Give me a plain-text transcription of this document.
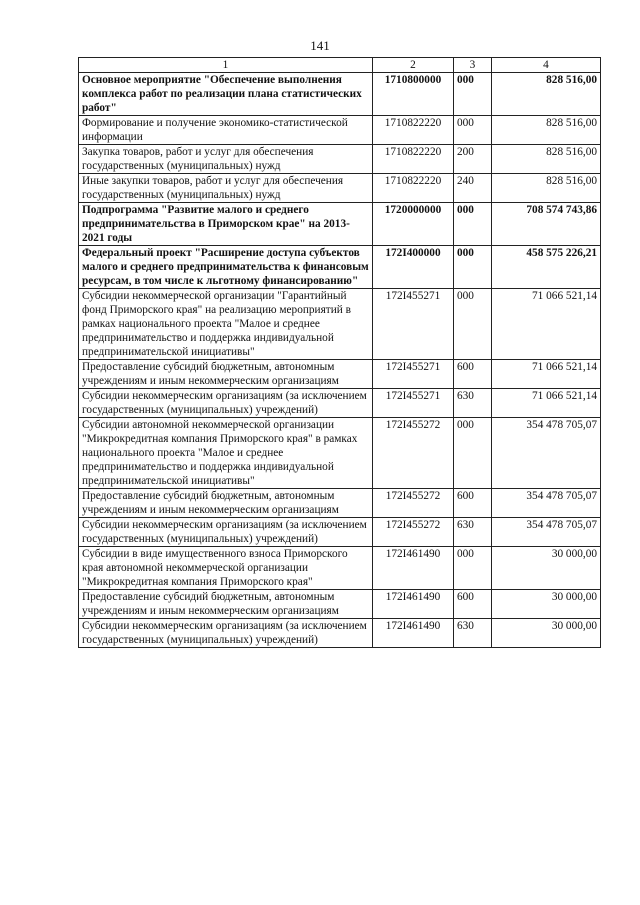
141
1	2	3	4
Основное мероприятие "Обеспечение выполнения комплекса работ по реализации плана статистических работ"	1710800000	000	828 516,00
Формирование и получение экономико-статистической информации	1710822220	000	828 516,00
Закупка товаров, работ и услуг для обеспечения государственных (муниципальных) нужд	1710822220	200	828 516,00
Иные закупки товаров, работ и услуг для обеспечения государственных (муниципальных) нужд	1710822220	240	828 516,00
Подпрограмма "Развитие малого и среднего предпринимательства в Приморском крае" на 2013-2021 годы	1720000000	000	708 574 743,86
Федеральный проект "Расширение доступа субъектов малого и среднего предпринимательства к финансовым ресурсам, в том числе к льготному финансированию"	172I400000	000	458 575 226,21
Субсидии некоммерческой организации "Гарантийный фонд Приморского края" на реализацию мероприятий в рамках национального проекта "Малое и среднее предпринимательство и поддержка индивидуальной предпринимательской инициативы"	172I455271	000	71 066 521,14
Предоставление субсидий бюджетным, автономным учреждениям и иным некоммерческим организациям	172I455271	600	71 066 521,14
Субсидии некоммерческим организациям (за исключением государственных (муниципальных) учреждений)	172I455271	630	71 066 521,14
Субсидии автономной некоммерческой организации "Микрокредитная компания Приморского края" в рамках национального проекта "Малое и среднее предпринимательство и поддержка индивидуальной предпринимательской инициативы"	172I455272	000	354 478 705,07
Предоставление субсидий бюджетным, автономным учреждениям и иным некоммерческим организациям	172I455272	600	354 478 705,07
Субсидии некоммерческим организациям (за исключением государственных (муниципальных) учреждений)	172I455272	630	354 478 705,07
Субсидии в виде имущественного взноса Приморского края автономной некоммерческой организации "Микрокредитная компания Приморского края"	172I461490	000	30 000,00
Предоставление субсидий бюджетным, автономным учреждениям и иным некоммерческим организациям	172I461490	600	30 000,00
Субсидии некоммерческим организациям (за исключением государственных (муниципальных) учреждений)	172I461490	630	30 000,00
